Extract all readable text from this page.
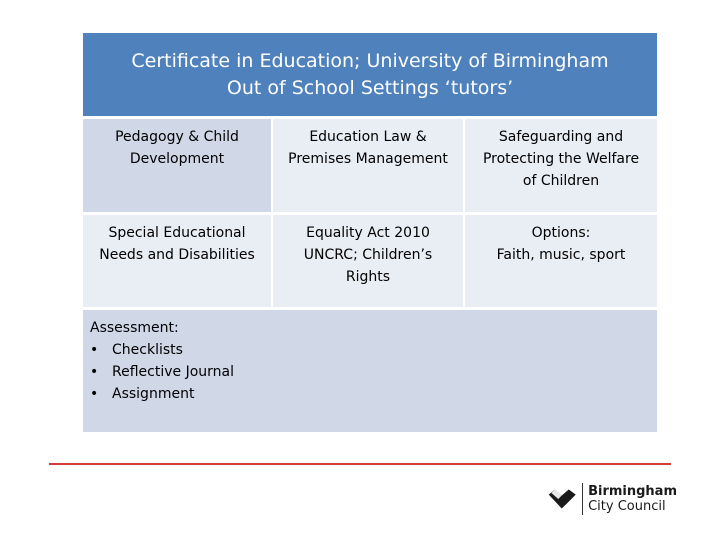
Certificate in Education; University of Birmingham
Out of School Settings ‘tutors’
Pedagogy & Child
Development
Education Law &
Premises Management
Safeguarding and
Protecting the Welfare
of Children
Special Educational
Needs and Disabilities
Equality Act 2010
UNCRC; Children’s
Rights
Options:
Faith, music, sport
Assessment:
• Checklists
• Reflective Journal
• Assignment
Birmingham
City Council
